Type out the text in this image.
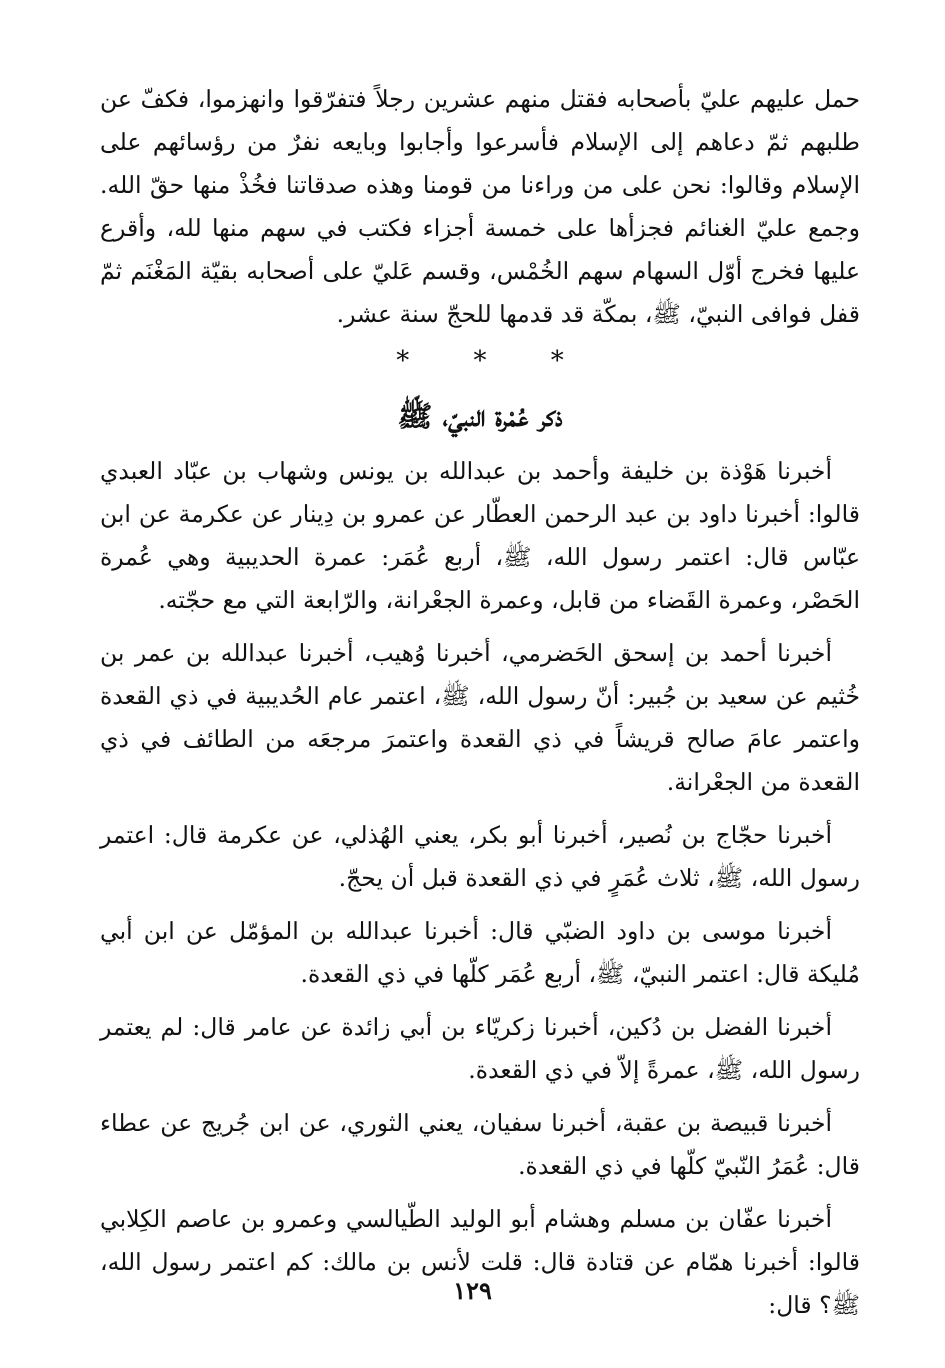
حمل عليهم عليّ بأصحابه فقتل منهم عشرين رجلاً فتفرّقوا وانهزموا، فكفّ عن طلبهم ثمّ دعاهم إلى الإسلام فأسرعوا وأجابوا وبايعه نفرٌ من رؤسائهم على الإسلام وقالوا: نحن على من وراءنا من قومنا وهذه صدقاتنا فخُذْ منها حقّ الله. وجمع عليّ الغنائم فجزأها على خمسة أجزاء فكتب في سهم منها لله، وأقرع عليها فخرج أوّل السهام سهم الخُمْس، وقسم عَليّ على أصحابه بقيّة المَغْنَم ثمّ قفل فوافى النبيّ، ﷺ، بمكّة قد قدمها للحجّ سنة عشر.

* * *
ذكر عُمْرة النبيّ، ﷺ

أخبرنا هَوْذة بن خليفة وأحمد بن عبدالله بن يونس وشهاب بن عبّاد العبدي قالوا: أخبرنا داود بن عبد الرحمن العطّار عن عمرو بن دِينار عن عكرمة عن ابن عبّاس قال: اعتمر رسول الله، ﷺ، أربع عُمَر: عمرة الحديبية وهي عُمرة الحَصْر، وعمرة القَضاء من قابل، وعمرة الجعْرانة، والرّابعة التي مع حجّته.

أخبرنا أحمد بن إسحق الحَضرمي، أخبرنا وُهيب، أخبرنا عبدالله بن عمر بن خُثيم عن سعيد بن جُبير: أنّ رسول الله، ﷺ، اعتمر عام الحُديبية في ذي القعدة واعتمر عامَ صالح قريشاً في ذي القعدة واعتمرَ مرجعَه من الطائف في ذي القعدة من الجعْرانة.

أخبرنا حجّاج بن نُصير، أخبرنا أبو بكر، يعني الهُذلي، عن عكرمة قال: اعتمر رسول الله، ﷺ، ثلاث عُمَرٍ في ذي القعدة قبل أن يحجّ.

أخبرنا موسى بن داود الضبّي قال: أخبرنا عبدالله بن المؤمّل عن ابن أبي مُليكة قال: اعتمر النبيّ، ﷺ، أربع عُمَر كلّها في ذي القعدة.

أخبرنا الفضل بن دُكين، أخبرنا زكريّاء بن أبي زائدة عن عامر قال: لم يعتمر رسول الله، ﷺ، عمرةً إلاّ في ذي القعدة.

أخبرنا قبيصة بن عقبة، أخبرنا سفيان، يعني الثوري، عن ابن جُريج عن عطاء قال: عُمَرُ النّبيّ كلّها في ذي القعدة.

أخبرنا عفّان بن مسلم وهشام أبو الوليد الطّيالسي وعمرو بن عاصم الكِلابي قالوا: أخبرنا همّام عن قتادة قال: قلت لأنس بن مالك: كم اعتمر رسول الله، ﷺ؟ قال:

١٢٩
